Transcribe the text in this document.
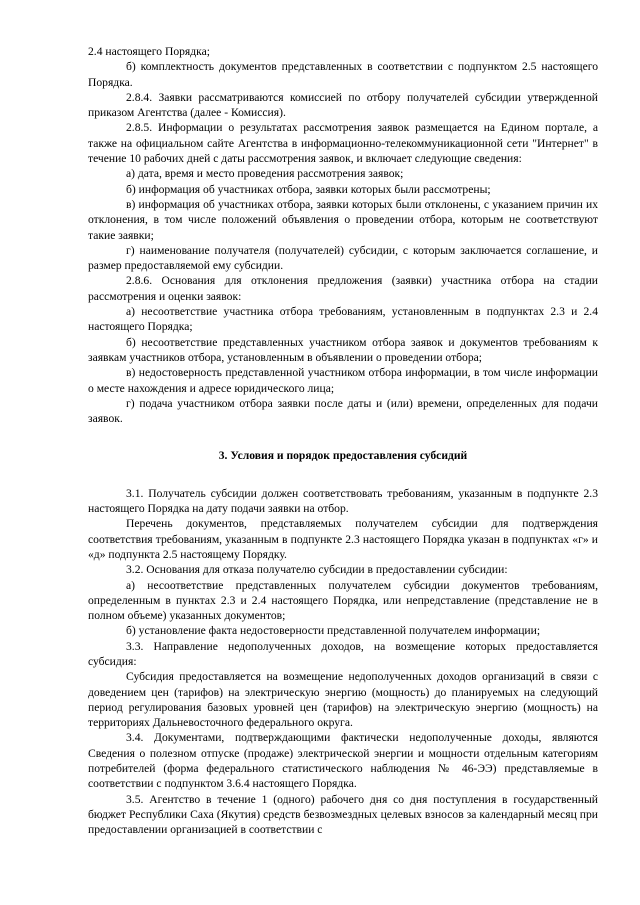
2.4 настоящего Порядка;

б) комплектность документов представленных в соответствии с подпунктом 2.5 настоящего Порядка.

2.8.4. Заявки рассматриваются комиссией по отбору получателей субсидии утвержденной приказом Агентства (далее - Комиссия).

2.8.5. Информации о результатах рассмотрения заявок размещается на Едином портале, а также на официальном сайте Агентства в информационно-телекоммуникационной сети "Интернет" в течение 10 рабочих дней с даты рассмотрения заявок, и включает следующие сведения:

а) дата, время и место проведения рассмотрения заявок;

б) информация об участниках отбора, заявки которых были рассмотрены;

в) информация об участниках отбора, заявки которых были отклонены, с указанием причин их отклонения, в том числе положений объявления о проведении отбора, которым не соответствуют такие заявки;

г) наименование получателя (получателей) субсидии, с которым заключается соглашение, и размер предоставляемой ему субсидии.

2.8.6. Основания для отклонения предложения (заявки) участника отбора на стадии рассмотрения и оценки заявок:

а) несоответствие участника отбора требованиям, установленным в подпунктах 2.3 и 2.4 настоящего Порядка;

б) несоответствие представленных участником отбора заявок и документов требованиям к заявкам участников отбора, установленным в объявлении о проведении отбора;

в) недостоверность представленной участником отбора информации, в том числе информации о месте нахождения и адресе юридического лица;

г) подача участником отбора заявки после даты и (или) времени, определенных для подачи заявок.

3. Условия и порядок предоставления субсидий

3.1. Получатель субсидии должен соответствовать требованиям, указанным в подпункте 2.3 настоящего Порядка на дату подачи заявки на отбор.

Перечень документов, представляемых получателем субсидии для подтверждения соответствия требованиям, указанным в подпункте 2.3 настоящего Порядка указан в подпунктах «г» и «д» подпункта 2.5 настоящему Порядку.

3.2. Основания для отказа получателю субсидии в предоставлении субсидии:

а) несоответствие представленных получателем субсидии документов требованиям, определенным в пунктах 2.3 и 2.4 настоящего Порядка, или непредставление (представление не в полном объеме) указанных документов;

б) установление факта недостоверности представленной получателем информации;

3.3. Направление недополученных доходов, на возмещение которых предоставляется субсидия:

Субсидия предоставляется на возмещение недополученных доходов организаций в связи с доведением цен (тарифов) на электрическую энергию (мощность) до планируемых на следующий период регулирования базовых уровней цен (тарифов) на электрическую энергию (мощность) на территориях Дальневосточного федерального округа.

3.4. Документами, подтверждающими фактически недополученные доходы, являются Сведения о полезном отпуске (продаже) электрической энергии и мощности отдельным категориям потребителей (форма федерального статистического наблюдения № 46-ЭЭ) представляемые в соответствии с подпунктом 3.6.4 настоящего Порядка.

3.5. Агентство в течение 1 (одного) рабочего дня со дня поступления в государственный бюджет Республики Саха (Якутия) средств безвозмездных целевых взносов за календарный месяц при предоставлении организацией в соответствии с
